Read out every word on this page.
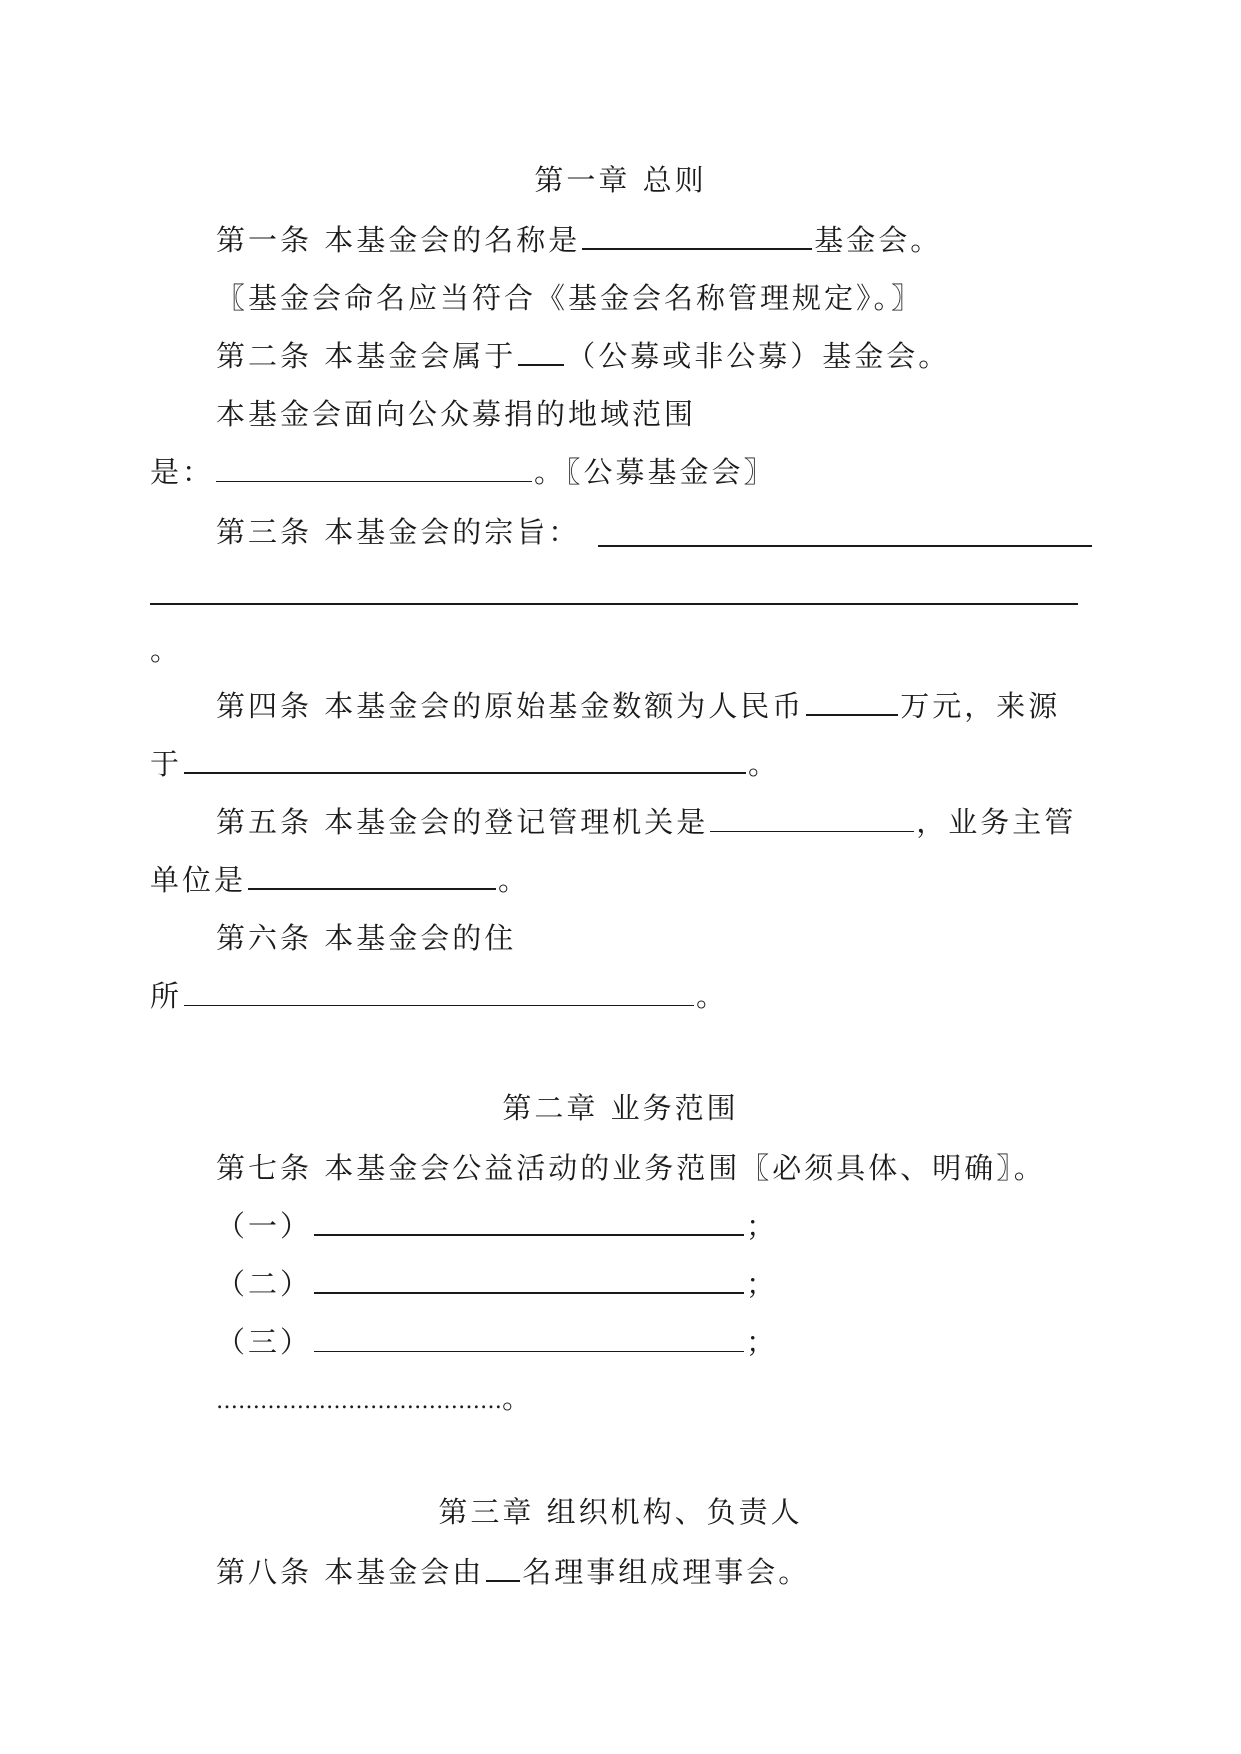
第一章 总则
第一条 本基金会的名称是	基金会。
〖基金会命名应当符合《基金会名称管理规定》。〗
第二条 本基金会属于 （公募或非公募）基金会。
本基金会面向公众募捐的地域范围
是：	。〖公募基金会〗
第三条 本基金会的宗旨：
。
第四条 本基金会的原始基金数额为人民币	万元，来源
于	。
第五条 本基金会的登记管理机关是	，业务主管
单位是	。
第六条 本基金会的住
所	。
第二章 业务范围
第七条 本基金会公益活动的业务范围〖必须具体、明确〗。
（一）	；
（二）	；
（三）	；
…………………………………。
第三章 组织机构、负责人
第八条 本基金会由 名理事组成理事会。
